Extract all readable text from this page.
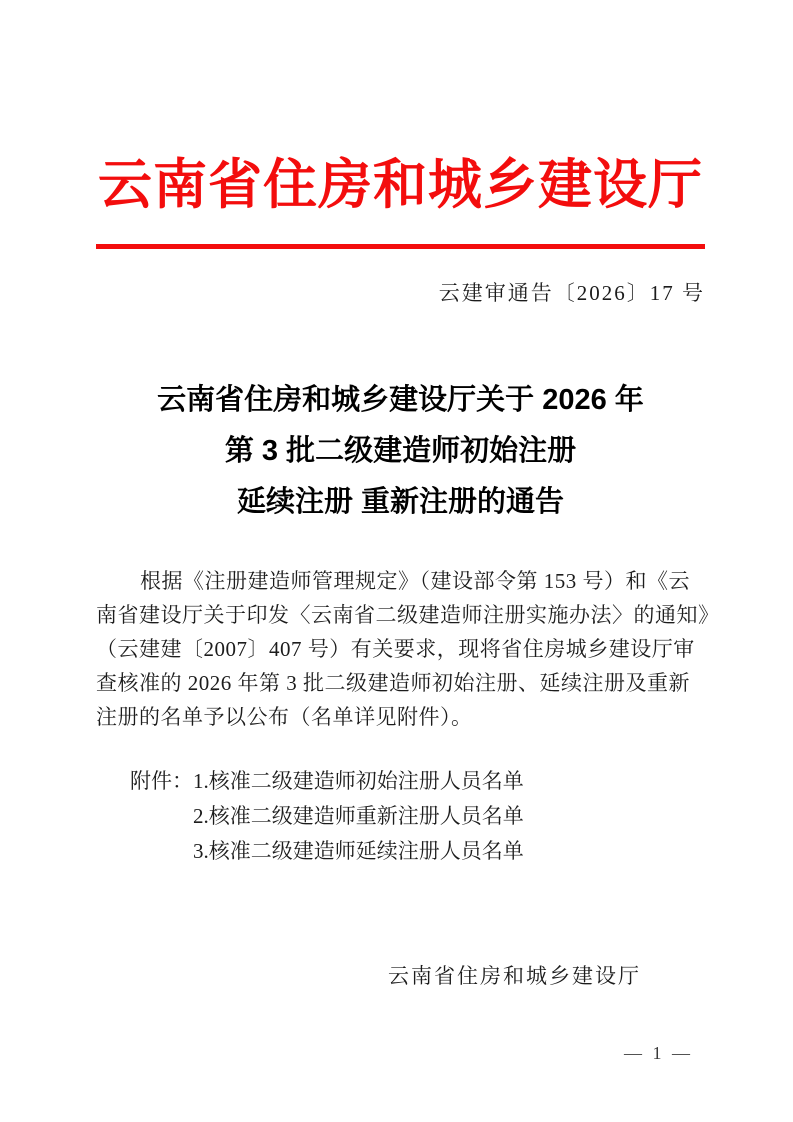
云南省住房和城乡建设厅
云建审通告〔2026〕17 号
云南省住房和城乡建设厅关于 2026 年
第 3 批二级建造师初始注册
延续注册 重新注册的通告
根据《注册建造师管理规定》（建设部令第 153 号）和《云
南省建设厅关于印发〈云南省二级建造师注册实施办法〉的通知》
（云建建〔2007〕407 号）有关要求，现将省住房城乡建设厅审
查核准的 2026 年第 3 批二级建造师初始注册、延续注册及重新
注册的名单予以公布（名单详见附件）。
附件： 1.核准二级建造师初始注册人员名单
2.核准二级建造师重新注册人员名单
3.核准二级建造师延续注册人员名单
云南省住房和城乡建设厅
— 1 —
